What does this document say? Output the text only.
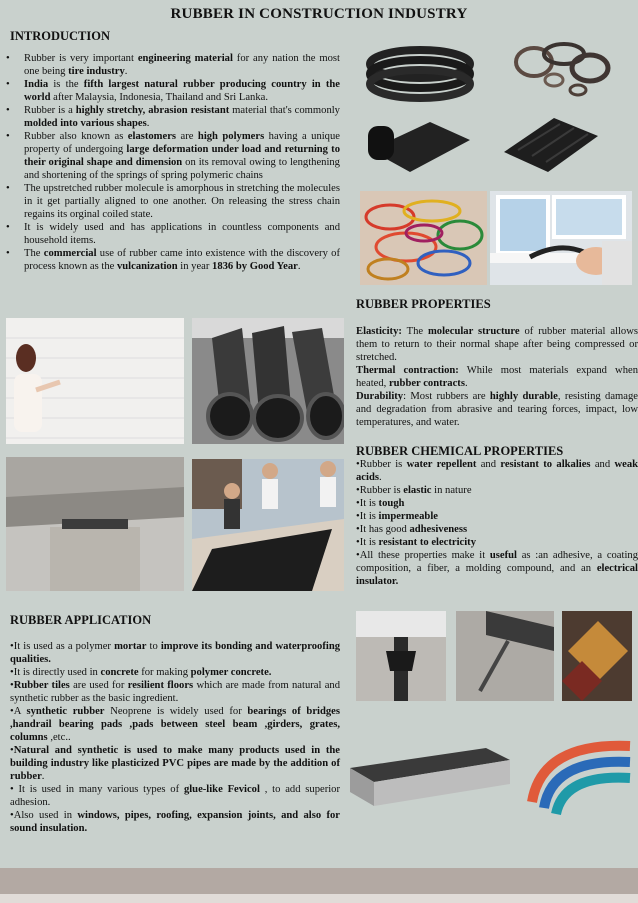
RUBBER IN CONSTRUCTION INDUSTRY
INTRODUCTION
• Rubber is very important engineering material for any nation the most one being tire industry.
• India is the fifth largest natural rubber producing country in the world after Malaysia, Indonesia, Thailand and Sri Lanka.
• Rubber is a highly stretchy, abrasion resistant material that's commonly molded into various shapes.
• Rubber also known as elastomers are high polymers having a unique property of undergoing large deformation under load and returning to their original shape and dimension on its removal owing to lengthening and shortening of the springs of spring polymeric chains
• The upstretched rubber molecule is amorphous in stretching the molecules in it get partially aligned to one another. On releasing the stress chain regains its orginal coiled state.
• It is widely used and has applications in countless components and household items.
• The commercial use of rubber came into existence with the discovery of process known as the vulcanization in year 1836 by Good Year.
RUBBER PROPERTIES

Elasticity: The molecular structure of rubber material allows them to return to their normal shape after being compressed or stretched.

Thermal contraction: While most materials expand when heated, rubber contracts.

Durability: Most rubbers are highly durable, resisting damage and degradation from abrasive and tearing forces, impact, low temperatures, and water.

RUBBER CHEMICAL PROPERTIES

•Rubber is water repellent and resistant to alkalies and weak acids.

•Rubber is elastic in nature

•It is tough

•It is impermeable

•It has good adhesiveness

•It is resistant to electricity

•All these properties make it useful as :an adhesive, a coating composition, a fiber, a molding compound, and an electrical insulator.

RUBBER APPLICATION

•It is used as a polymer mortar to improve its bonding and waterproofing qualities.

•It is directly used in concrete for making polymer concrete.

•Rubber tiles are used for resilient floors which are made from natural and synthetic rubber as the basic ingredient.

•A synthetic rubber Neoprene is widely used for bearings of bridges ,handrail bearing pads ,pads between steel beam ,girders, grates, columns ,etc..

•Natural and synthetic is used to make many products used in the building industry like plasticized PVC pipes are made by the addition of rubber.

• It is used in many various types of glue-like Fevicol , to add superior adhesion.

•Also used in windows, pipes, roofing, expansion joints, and also for sound insulation.
